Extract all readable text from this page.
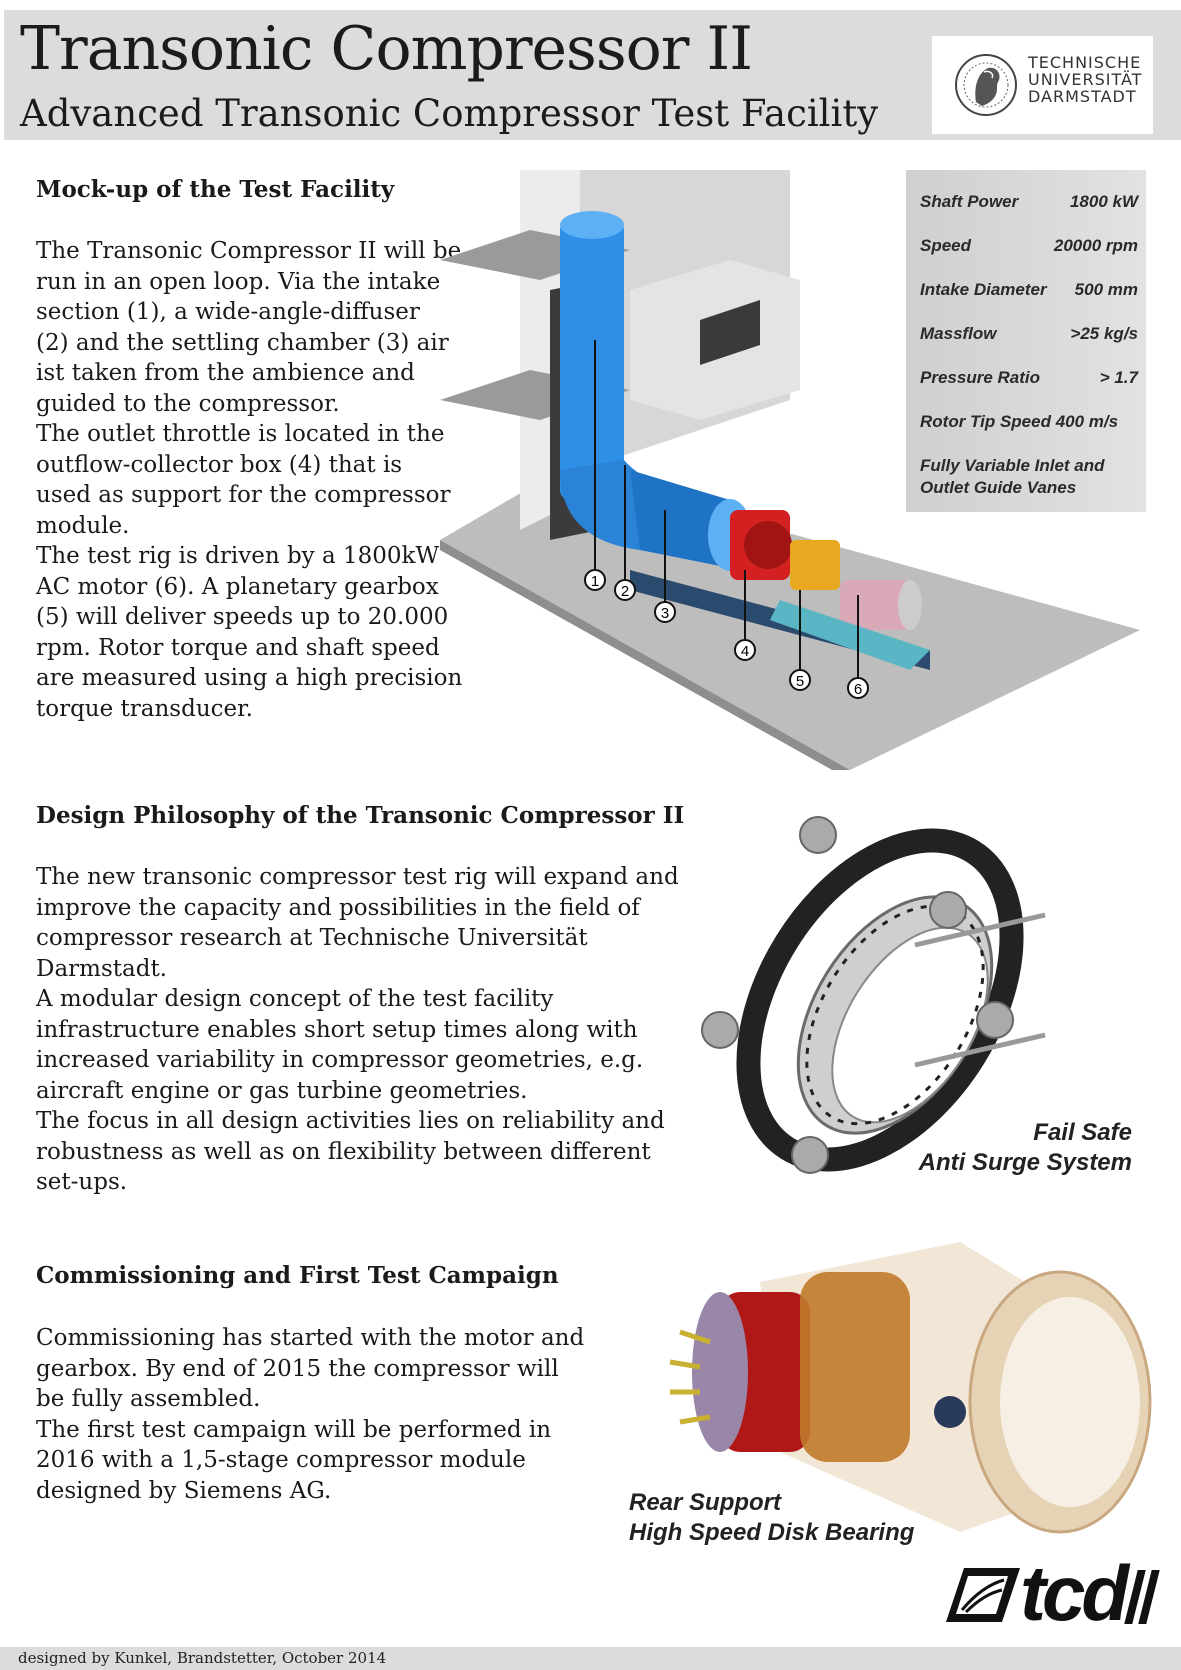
Transonic Compressor II
Advanced Transonic Compressor Test Facility
TECHNISCHE
UNIVERSITÄT
DARMSTADT
Mock-up of the Test Facility
The Transonic Compressor II will be
run in an open loop. Via the intake
section (1), a wide-angle-diffuser
(2) and the settling chamber (3) air
ist taken from the ambience and
guided to the compressor.
The outlet throttle is located in the
outflow-collector box (4) that is
used as support for the compressor
module.
The test rig is driven by a 1800kW
AC motor (6). A planetary gearbox
(5) will deliver speeds up to 20.000
rpm. Rotor torque and shaft speed
are measured using a high precision
torque transducer.
1
2
3
4
5	6
Shaft Power	1800 kW
Speed	20000 rpm
Intake Diameter 500 mm
Massflow	>25 kg/s
Pressure Ratio	> 1.7
Rotor Tip Speed 400 m/s
Fully Variable Inlet and
Outlet Guide Vanes
Design Philosophy of the Transonic Compressor II
The new transonic compressor test rig will expand and
improve the capacity and possibilities in the field of
compressor research at Technische Universität
Darmstadt.
A modular design concept of the test facility
infrastructure enables short setup times along with
increased variability in compressor geometries, e.g.
aircraft engine or gas turbine geometries.
The focus in all design activities lies on reliability and
robustness as well as on flexibility between different
set-ups.
Fail Safe
Anti Surge System
Commissioning and First Test Campaign
Commissioning has started with the motor and
gearbox. By end of 2015 the compressor will
be fully assembled.
The first test campaign will be performed in
2016 with a 1,5-stage compressor module
designed by Siemens AG.	Rear Support
High Speed Disk Bearing
tcd
designed by Kunkel, Brandstetter, October 2014
